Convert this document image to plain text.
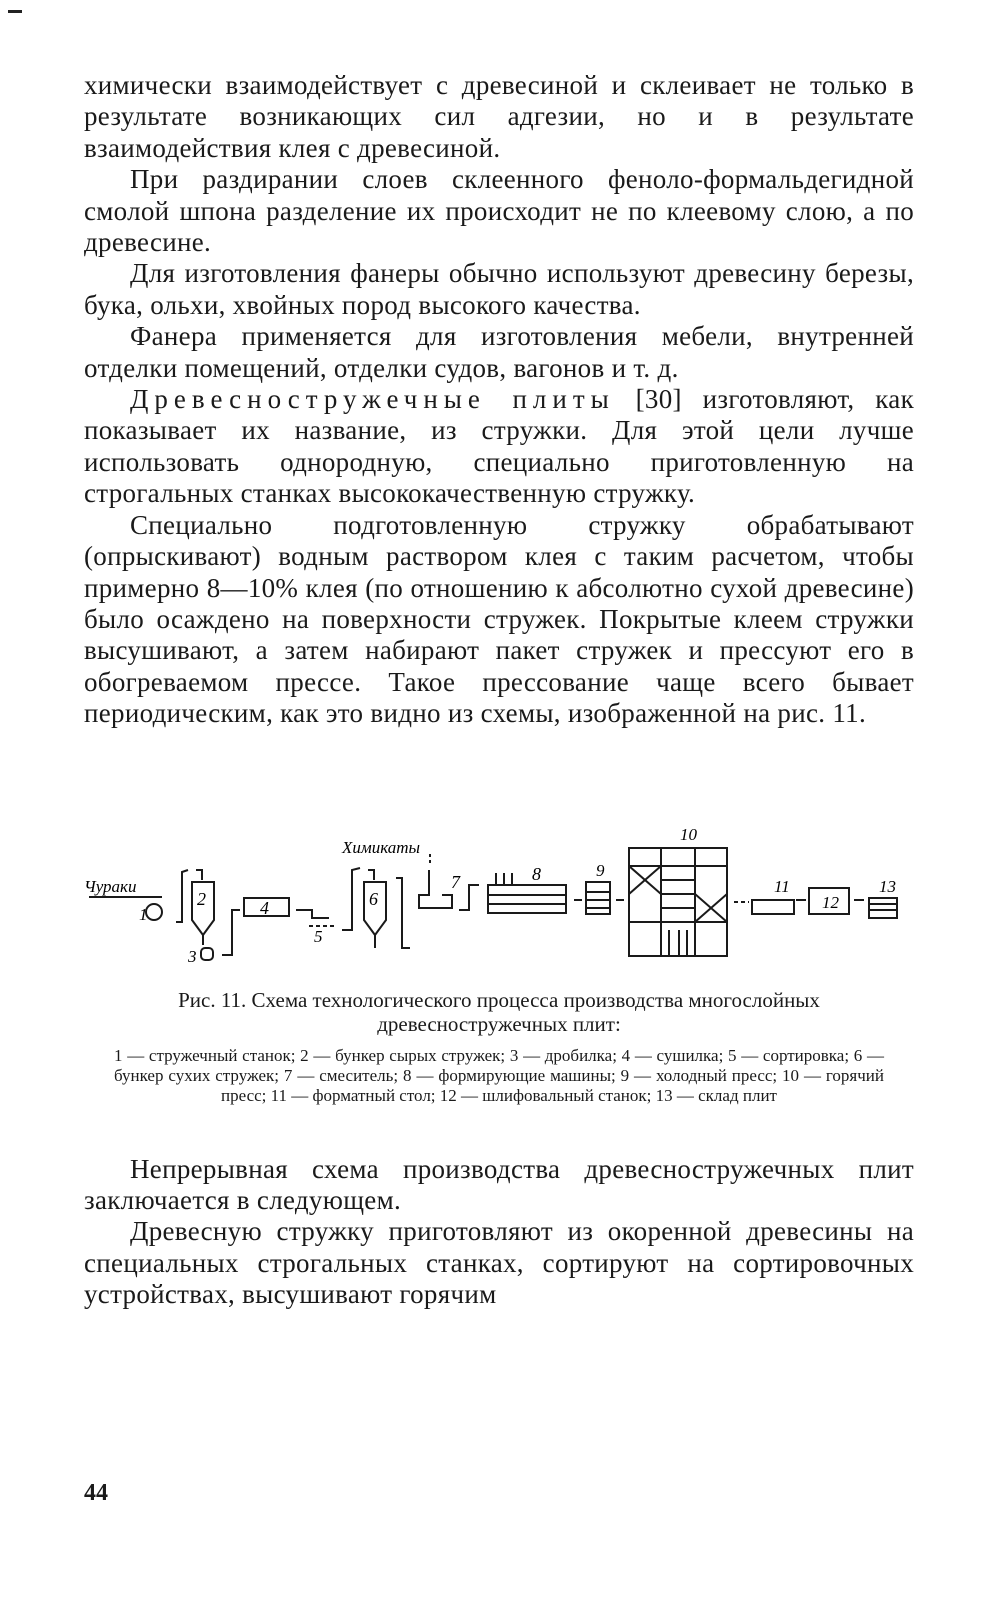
химически взаимодействует с древесиной и склеивает не только в результате возникающих сил адгезии, но и в результате взаимодействия клея с древесиной.

При раздирании слоев склеенного феноло-формальдегидной смолой шпона разделение их происходит не по клеевому слою, а по древесине.

Для изготовления фанеры обычно используют древесину березы, бука, ольхи, хвойных пород высокого качества.

Фанера применяется для изготовления мебели, внутренней отделки помещений, отделки судов, вагонов и т. д.

Древесностружечные плиты [30] изготовляют, как показывает их название, из стружки. Для этой цели лучше использовать однородную, специально приготовленную на строгальных станках высококачественную стружку.

Специально подготовленную стружку обрабатывают (опрыскивают) водным раствором клея с таким расчетом, чтобы примерно 8—10% клея (по отношению к абсолютно сухой древесине) было осаждено на поверхности стружек. Покрытые клеем стружки высушивают, а затем набирают пакет стружек и прессуют его в обогреваемом прессе. Такое прессование чаще всего бывает периодическим, как это видно из схемы, изображенной на рис. 11.

Чураки
Химикаты
1
2
3
4
5
6
7	8	9
10
11
12
13

Рис. 11. Схема технологического процесса производства многослойных древесностружечных плит:

1 — стружечный станок; 2 — бункер сырых стружек; 3 — дробилка; 4 — сушилка; 5 — сортировка; 6 — бункер сухих стружек; 7 — смеситель; 8 — формирующие машины; 9 — холодный пресс; 10 — горячий пресс; 11 — форматный стол; 12 — шлифовальный станок; 13 — склад плит

Непрерывная схема производства древесностружечных плит заключается в следующем.

Древесную стружку приготовляют из окоренной древесины на специальных строгальных станках, сортируют на сортировочных устройствах, высушивают горячим

44
